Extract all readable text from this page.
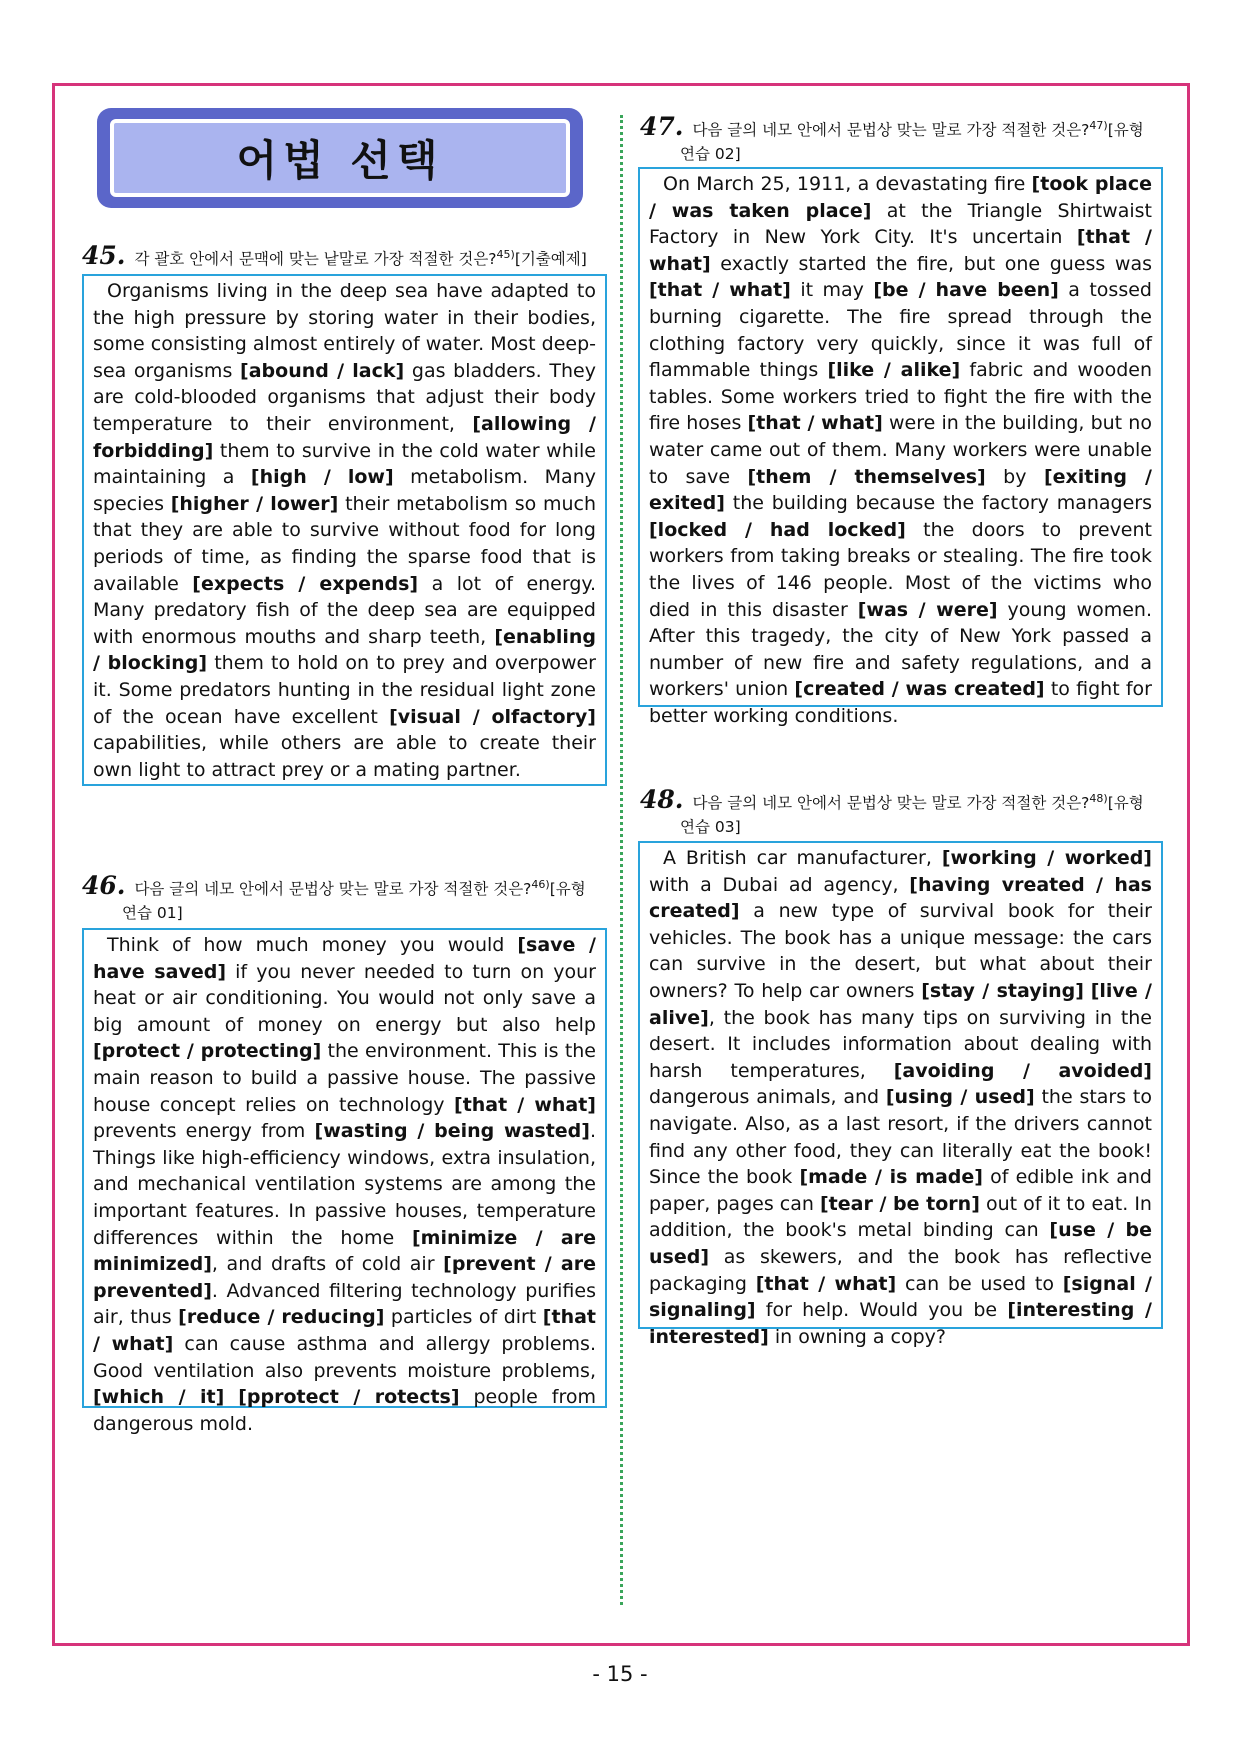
어법 선택
45. 각 괄호 안에서 문맥에 맞는 낱말로 가장 적절한 것은?$^{45)}$[기출예제]

Organisms living in the deep sea have adapted to the high pressure by storing water in their bodies, some consisting almost entirely of water. Most deep-sea organisms [abound / lack] gas bladders. They are cold-blooded organisms that adjust their body temperature to their environment, [allowing / forbidding] them to survive in the cold water while maintaining a [high / low] metabolism. Many species [higher / lower] their metabolism so much that they are able to survive without food for long periods of time, as finding the sparse food that is available [expects / expends] a lot of energy. Many predatory fish of the deep sea are equipped with enormous mouths and sharp teeth, [enabling / blocking] them to hold on to prey and overpower it. Some predators hunting in the residual light zone of the ocean have excellent [visual / olfactory] capabilities, while others are able to create their own light to attract prey or a mating partner.

46. 다음 글의 네모 안에서 문법상 맞는 말로 가장 적절한 것은?$^{46)}$[유형
연습 01]

Think of how much money you would [save / have saved] if you never needed to turn on your heat or air conditioning. You would not only save a big amount of money on energy but also help [protect / protecting] the environment. This is the main reason to build a passive house. The passive house concept relies on technology [that / what] prevents energy from [wasting / being wasted]. Things like high-efficiency windows, extra insulation, and mechanical ventilation systems are among the important features. In passive houses, temperature differences within the home [minimize / are minimized], and drafts of cold air [prevent / are prevented]. Advanced filtering technology purifies air, thus [reduce / reducing] particles of dirt [that / what] can cause asthma and allergy problems. Good ventilation also prevents moisture problems, [which / it] [pprotect / rotects] people from dangerous mold.

47. 다음 글의 네모 안에서 문법상 맞는 말로 가장 적절한 것은?$^{47)}$[유형
연습 02]

On March 25, 1911, a devastating fire [took place / was taken place] at the Triangle Shirtwaist Factory in New York City. It's uncertain [that / what] exactly started the fire, but one guess was [that / what] it may [be / have been] a tossed burning cigarette. The fire spread through the clothing factory very quickly, since it was full of flammable things [like / alike] fabric and wooden tables. Some workers tried to fight the fire with the fire hoses [that / what] were in the building, but no water came out of them. Many workers were unable to save [them / themselves] by [exiting / exited] the building because the factory managers [locked / had locked] the doors to prevent workers from taking breaks or stealing. The fire took the lives of 146 people. Most of the victims who died in this disaster [was / were] young women. After this tragedy, the city of New York passed a number of new fire and safety regulations, and a workers' union [created / was created] to fight for better working conditions.

48. 다음 글의 네모 안에서 문법상 맞는 말로 가장 적절한 것은?$^{48)}$[유형
연습 03]

A British car manufacturer, [working / worked] with a Dubai ad agency, [having vreated / has created] a new type of survival book for their vehicles. The book has a unique message: the cars can survive in the desert, but what about their owners? To help car owners [stay / staying] [live / alive], the book has many tips on surviving in the desert. It includes information about dealing with harsh temperatures, [avoiding / avoided] dangerous animals, and [using / used] the stars to navigate. Also, as a last resort, if the drivers cannot find any other food, they can literally eat the book! Since the book [made / is made] of edible ink and paper, pages can [tear / be torn] out of it to eat. In addition, the book's metal binding can [use / be used] as skewers, and the book has reflective packaging [that / what] can be used to [signal / signaling] for help. Would you be [interesting / interested] in owning a copy?

- 15 -
